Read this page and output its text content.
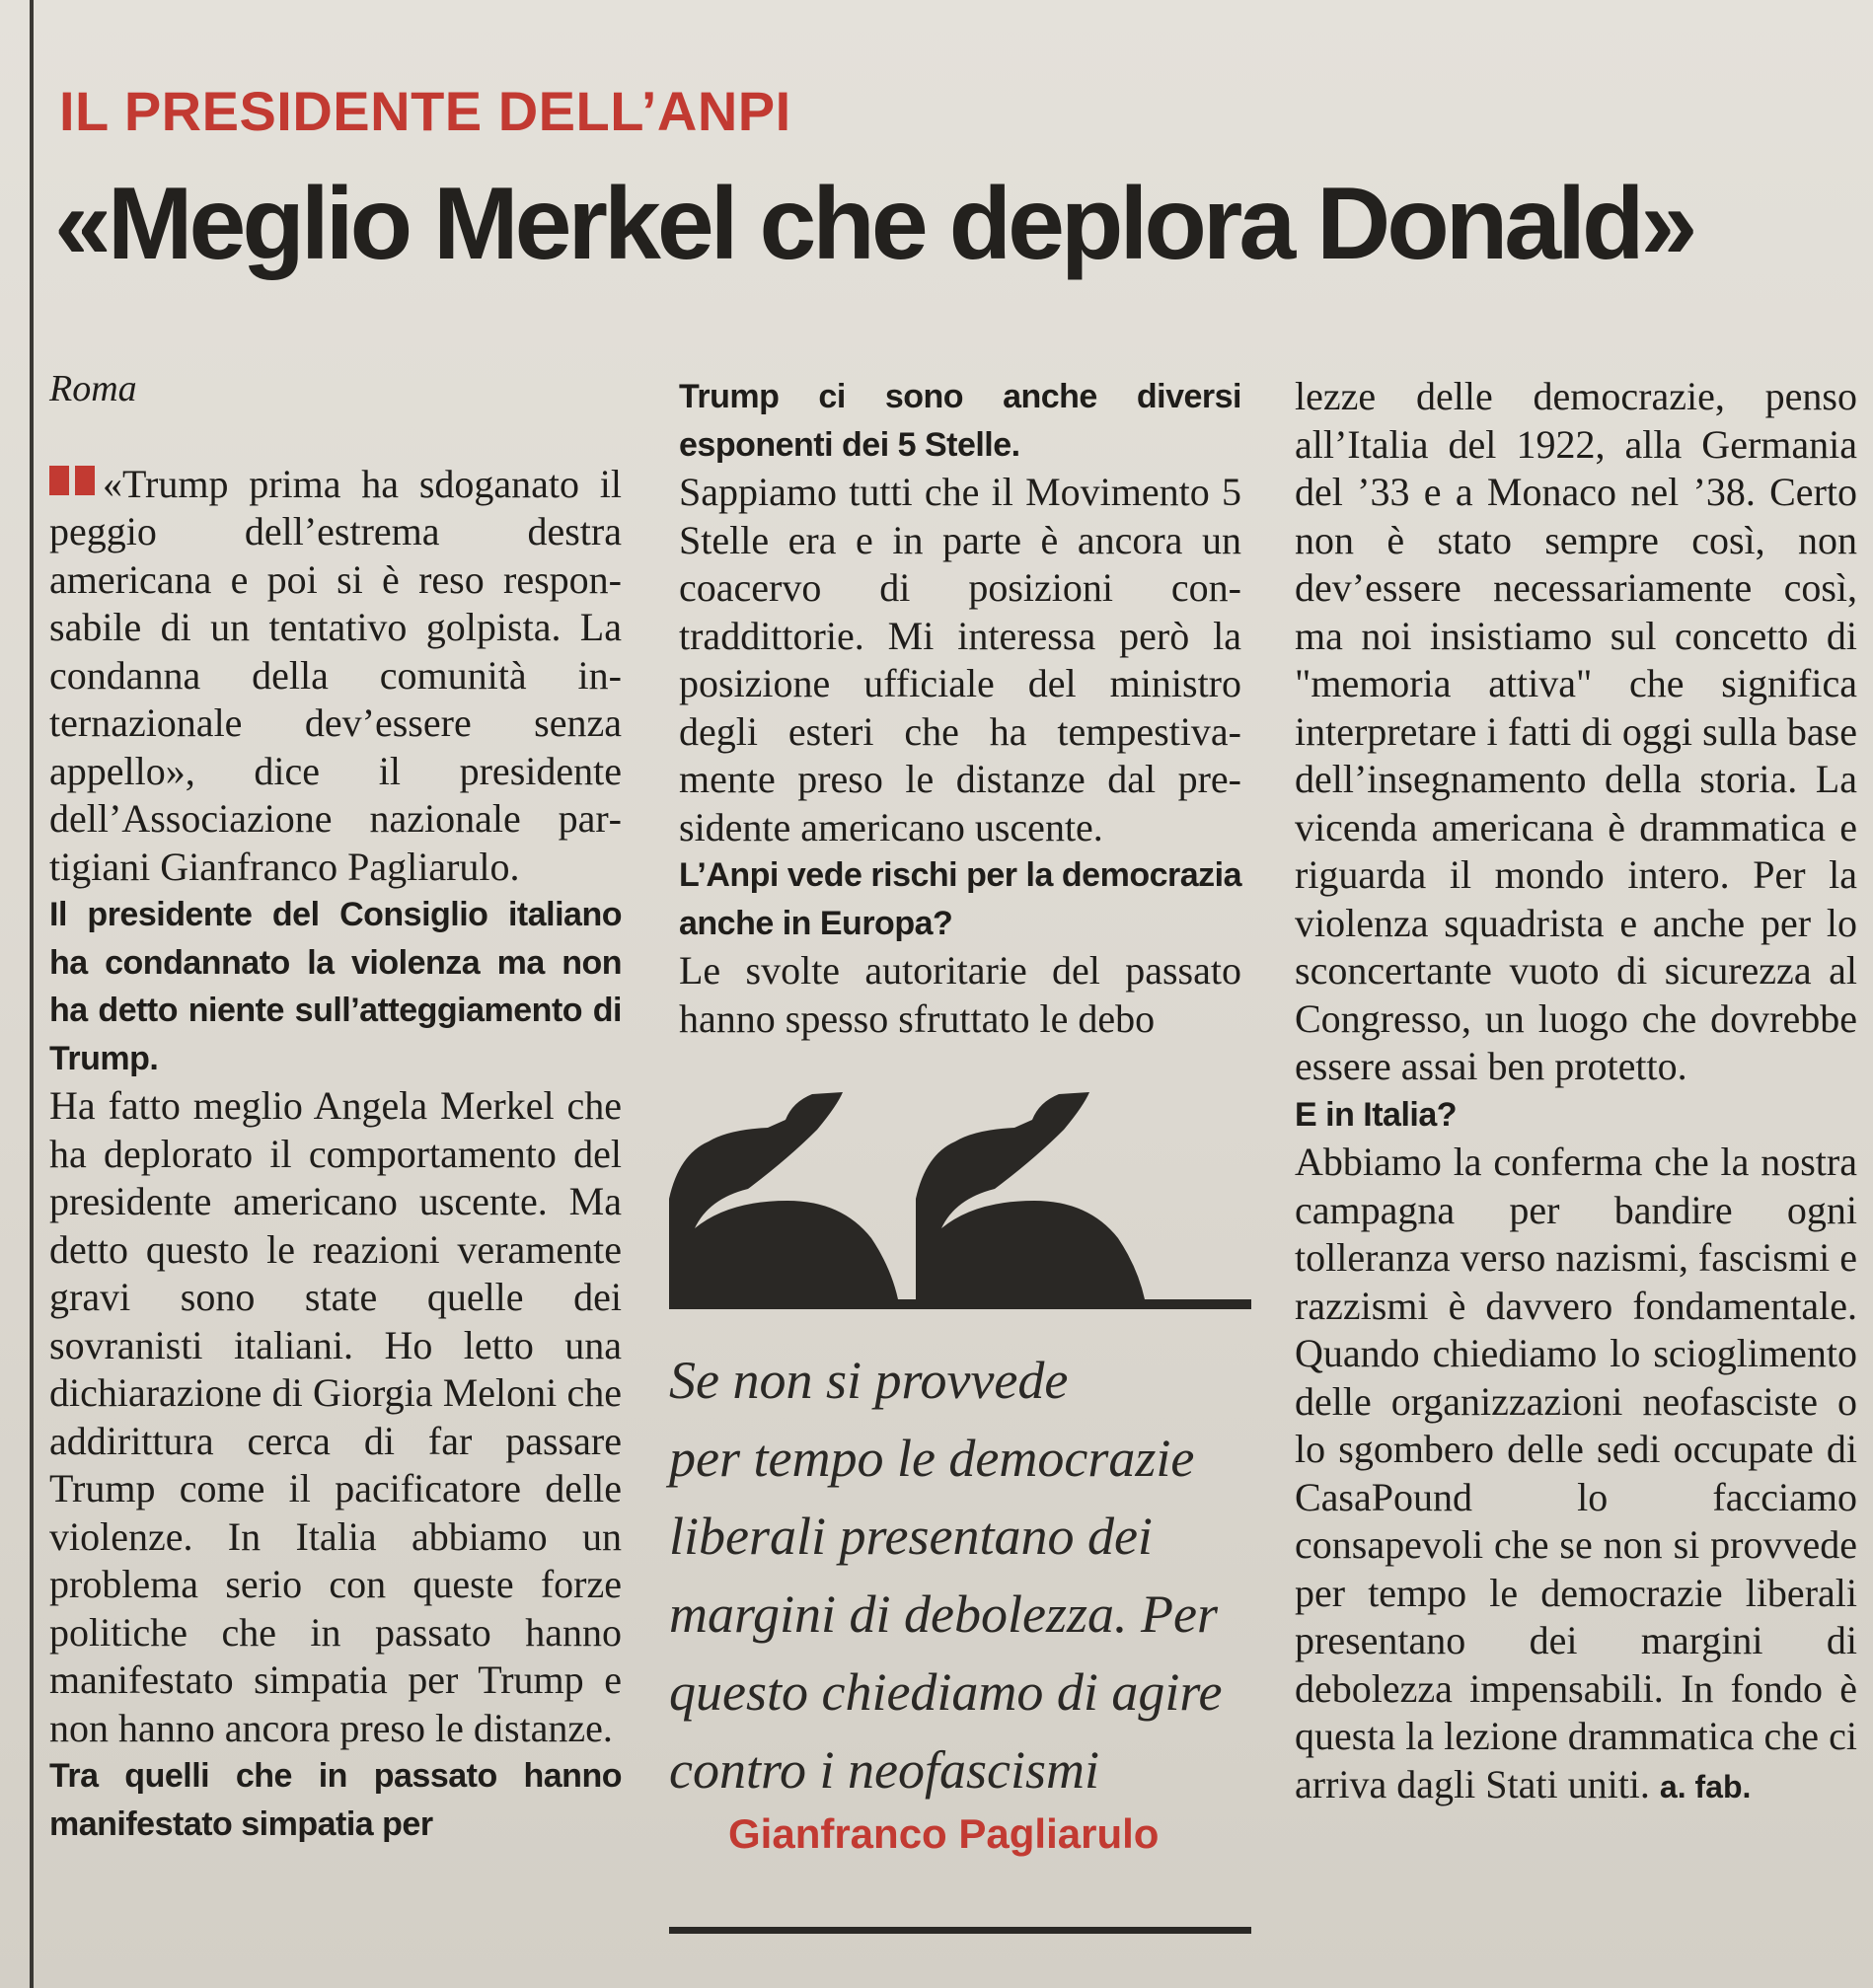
IL PRESIDENTE DELL’ANPI
«Meglio Merkel che deplora Donald»
Roma

«Trump prima ha sdoganato il peggio dell’estrema destra americana e poi si è reso responsabile di un tentativo golpista. La condanna della comunità internazionale dev’essere senza appello», dice il presidente dell’Associazione nazionale partigiani Gianfranco Pagliarulo.

Il presidente del Consiglio italiano ha condannato la violenza ma non ha detto niente sull’atteggiamento di Trump.

Ha fatto meglio Angela Merkel che ha deplorato il comportamento del presidente americano uscente. Ma detto questo le reazioni veramente gravi sono state quelle dei sovranisti italiani. Ho letto una dichiarazione di Giorgia Meloni che addirittura cerca di far passare Trump come il pacificatore delle violenze. In Italia abbiamo un problema serio con queste forze politiche che in passato hanno manifestato simpatia per Trump e non hanno ancora preso le distanze.

Tra quelli che in passato hanno manifestato simpatia per

Trump ci sono anche diversi esponenti dei 5 Stelle.

Sappiamo tutti che il Movimento 5 Stelle era e in parte è ancora un coacervo di posizioni contraddittorie. Mi interessa però la posizione ufficiale del ministro degli esteri che ha tempestivamente preso le distanze dal presidente americano uscente.

L’Anpi vede rischi per la democrazia anche in Europa?

Le svolte autoritarie del passato hanno spesso sfruttato le debo

Se non si provvede
per tempo le democrazie
liberali presentano dei
margini di debolezza. Per
questo chiediamo di agire
contro i neofascismi
Gianfranco Pagliarulo

lezze delle democrazie, penso all’Italia del 1922, alla Germania del ’33 e a Monaco nel ’38. Certo non è stato sempre così, non dev’essere necessariamente così, ma noi insistiamo sul concetto di "memoria attiva" che significa interpretare i fatti di oggi sulla base dell’insegnamento della storia. La vicenda americana è drammatica e riguarda il mondo intero. Per la violenza squadrista e anche per lo sconcertante vuoto di sicurezza al Congresso, un luogo che dovrebbe essere assai ben protetto.

E in Italia?

Abbiamo la conferma che la nostra campagna per bandire ogni tolleranza verso nazismi, fascismi e razzismi è davvero fondamentale. Quando chiediamo lo scioglimento delle organizzazioni neofasciste o lo sgombero delle sedi occupate di CasaPound lo facciamo consapevoli che se non si provvede per tempo le democrazie liberali presentano dei margini di debolezza impensabili. In fondo è questa la lezione drammatica che ci arriva dagli Stati uniti. a. fab.
